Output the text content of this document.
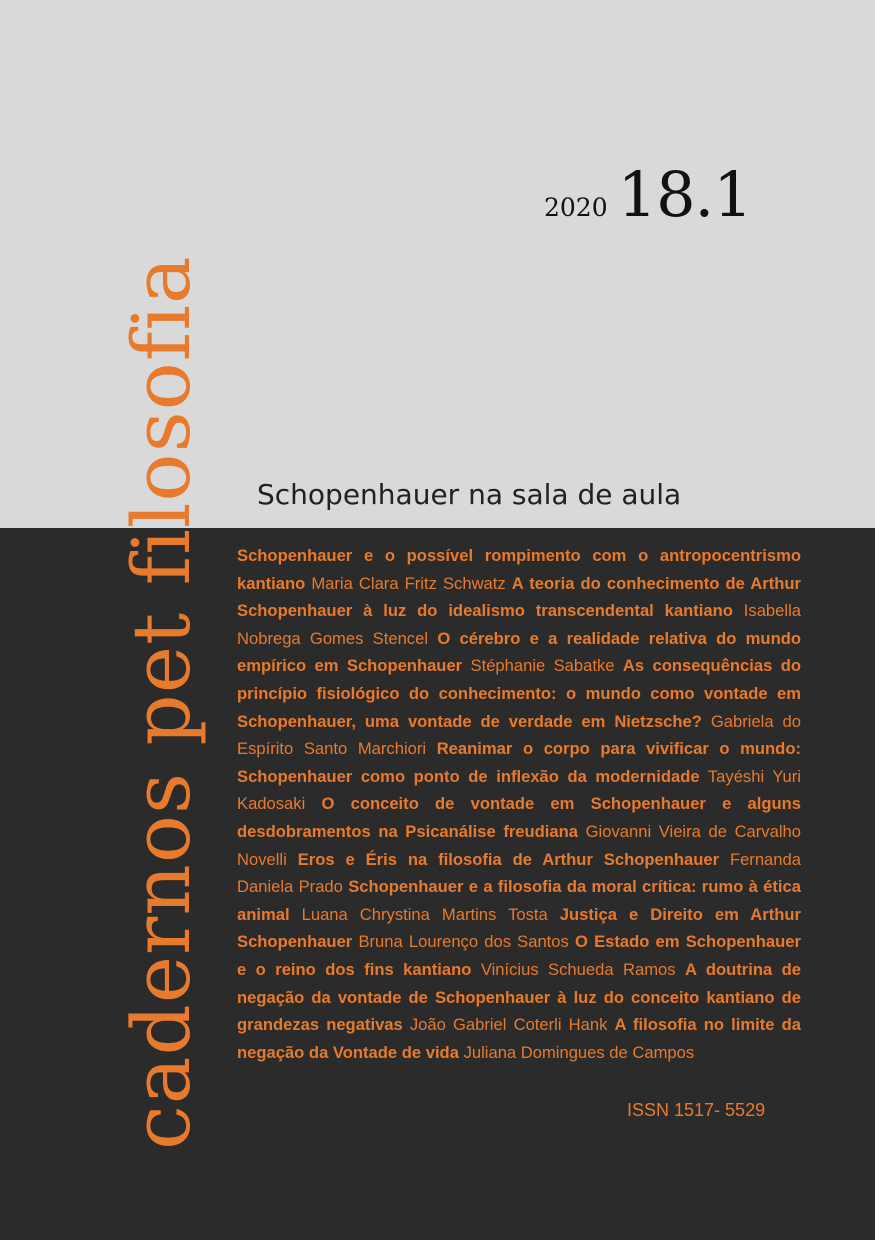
cadernos pet filosofia
2020 18.1
Schopenhauer na sala de aula
Schopenhauer e o possível rompimento com o antropocentrismo kantiano Maria Clara Fritz Schwatz A teoria do conhecimento de Arthur Schopenhauer à luz do idealismo transcendental kantiano Isabella Nobrega Gomes Stencel O cérebro e a realidade relativa do mundo empírico em Schopenhauer Stéphanie Sabatke As consequências do princípio fisiológico do conhecimento: o mundo como vontade em Schopenhauer, uma vontade de verdade em Nietzsche? Gabriela do Espírito Santo Marchiori Reanimar o corpo para vivificar o mundo: Schopenhauer como ponto de inflexão da modernidade Tayéshi Yuri Kadosaki O conceito de vontade em Schopenhauer e alguns desdobramentos na Psicanálise freudiana Giovanni Vieira de Carvalho Novelli Eros e Éris na filosofia de Arthur Schopenhauer Fernanda Daniela Prado Schopenhauer e a filosofia da moral crítica: rumo à ética animal Luana Chrystina Martins Tosta Justiça e Direito em Arthur Schopenhauer Bruna Lourenço dos Santos O Estado em Schopenhauer e o reino dos fins kantiano Vinícius Schueda Ramos A doutrina de negação da vontade de Schopenhauer à luz do conceito kantiano de grandezas negativas João Gabriel Coterli Hank A filosofia no limite da negação da Vontade de vida Juliana Domingues de Campos
ISSN 1517- 5529
